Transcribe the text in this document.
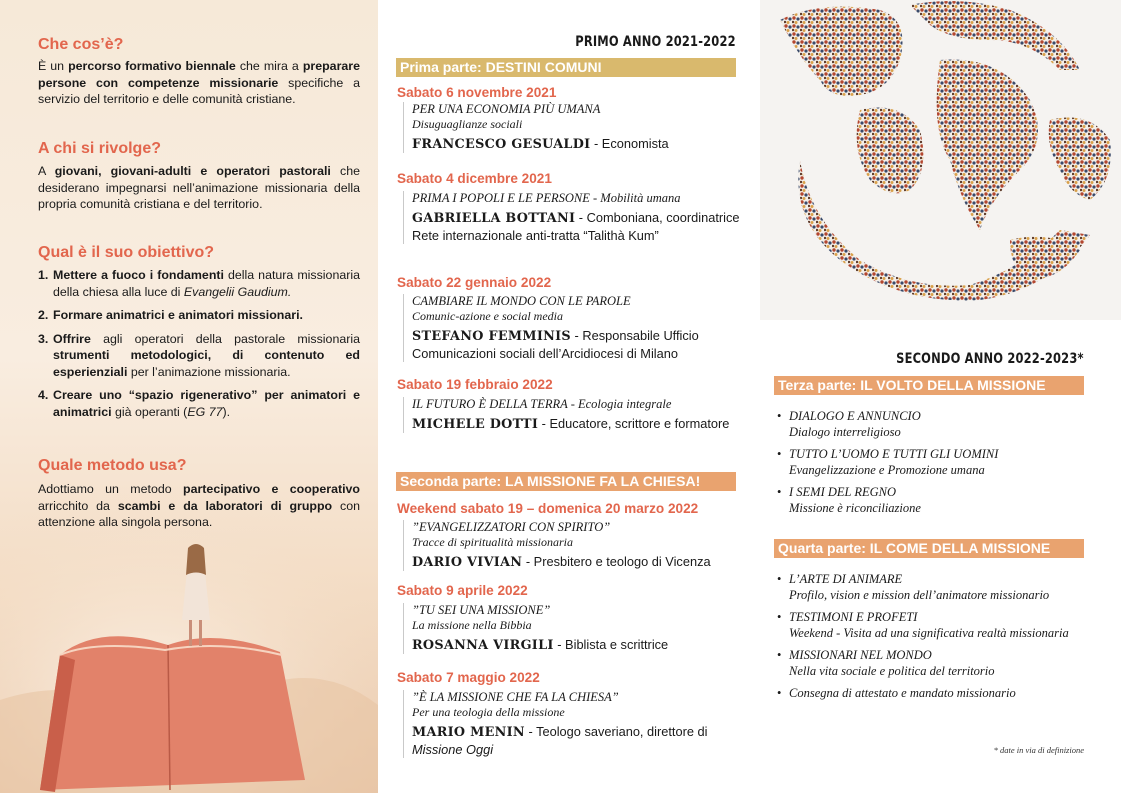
Che cos’è?
È un percorso formativo biennale che mira a preparare persone con competenze missionarie specifiche a servizio del territorio e delle comunità cristiane.
A chi si rivolge?
A giovani, giovani-adulti e operatori pastorali che desiderano impegnarsi nell’animazione missionaria della propria comunità cristiana e del territorio.
Qual è il suo obiettivo?
1. Mettere a fuoco i fondamenti della natura missionaria della chiesa alla luce di Evangelii Gaudium.
2. Formare animatrici e animatori missionari.
3. Offrire agli operatori della pastorale missionaria strumenti metodologici, di contenuto ed esperienziali per l’animazione missionaria.
4. Creare uno “spazio rigenerativo” per animatori e animatrici già operanti (EG 77).
Quale metodo usa?
Adottiamo un metodo partecipativo e cooperativo arricchito da scambi e da laboratori di gruppo con attenzione alla singola persona.
PRIMO ANNO 2021-2022
Prima parte: DESTINI COMUNI
Sabato 6 novembre 2021
PER UNA ECONOMIA PIÙ UMANA
Disuguaglianze sociali
FRANCESCO GESUALDI - Economista
Sabato 4 dicembre 2021
PRIMA I POPOLI E LE PERSONE - Mobilità umana
GABRIELLA BOTTANI - Comboniana, coordinatrice Rete internazionale anti-tratta “Talithà Kum”
Sabato 22 gennaio 2022
CAMBIARE IL MONDO CON LE PAROLE
Comunic-azione e social media
STEFANO FEMMINIS - Responsabile Ufficio Comunicazioni sociali dell’Arcidiocesi di Milano
Sabato 19 febbraio 2022
IL FUTURO È DELLA TERRA - Ecologia integrale
MICHELE DOTTI - Educatore, scrittore e formatore
Seconda parte: LA MISSIONE FA LA CHIESA!
Weekend sabato 19 – domenica 20 marzo 2022
”EVANGELIZZATORI CON SPIRITO”
Tracce di spiritualità missionaria
DARIO VIVIAN - Presbitero e teologo di Vicenza
Sabato 9 aprile 2022
”TU SEI UNA MISSIONE”
La missione nella Bibbia
ROSANNA VIRGILI - Biblista e scrittrice
Sabato 7 maggio 2022
”È LA MISSIONE CHE FA LA CHIESA”
Per una teologia della missione
MARIO MENIN - Teologo saveriano, direttore di Missione Oggi
SECONDO ANNO 2022-2023*
Terza parte: IL VOLTO DELLA MISSIONE
• DIALOGO E ANNUNCIO
Dialogo interreligioso
• TUTTO L’UOMO E TUTTI GLI UOMINI
Evangelizzazione e Promozione umana
• I SEMI DEL REGNO
Missione è riconciliazione
Quarta parte: IL COME DELLA MISSIONE
• L’ARTE DI ANIMARE
Profilo, vision e mission dell’animatore missionario
• TESTIMONI E PROFETI
Weekend - Visita ad una significativa realtà missionaria
• MISSIONARI NEL MONDO
Nella vita sociale e politica del territorio
• Consegna di attestato e mandato missionario
* date in via di definizione
